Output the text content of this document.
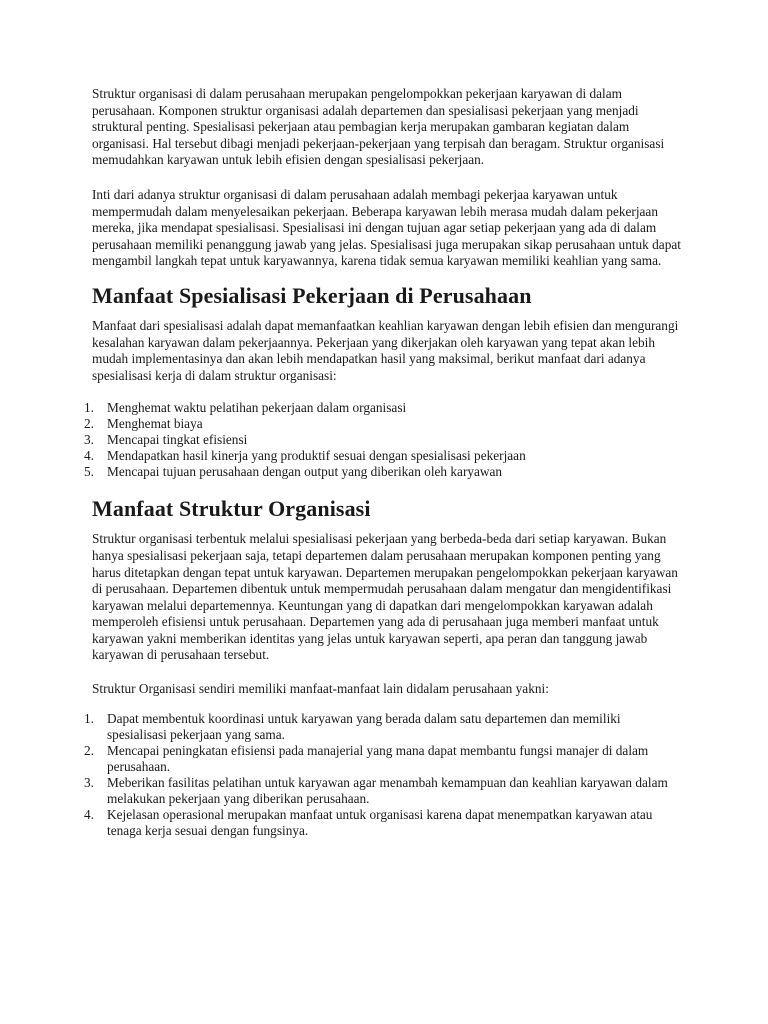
Struktur organisasi di dalam perusahaan merupakan pengelompokkan pekerjaan karyawan di dalam perusahaan. Komponen struktur organisasi adalah departemen dan spesialisasi pekerjaan yang menjadi struktural penting. Spesialisasi pekerjaan atau pembagian kerja merupakan gambaran kegiatan dalam organisasi. Hal tersebut dibagi menjadi pekerjaan-pekerjaan yang terpisah dan beragam. Struktur organisasi memudahkan karyawan untuk lebih efisien dengan spesialisasi pekerjaan.

Inti dari adanya struktur organisasi di dalam perusahaan adalah membagi pekerjaa karyawan untuk mempermudah dalam menyelesaikan pekerjaan. Beberapa karyawan lebih merasa mudah dalam pekerjaan mereka, jika mendapat spesialisasi. Spesialisasi ini dengan tujuan agar setiap pekerjaan yang ada di dalam perusahaan memiliki penanggung jawab yang jelas. Spesialisasi juga merupakan sikap perusahaan untuk dapat mengambil langkah tepat untuk karyawannya, karena tidak semua karyawan memiliki keahlian yang sama.

Manfaat Spesialisasi Pekerjaan di Perusahaan

Manfaat dari spesialisasi adalah dapat memanfaatkan keahlian karyawan dengan lebih efisien dan mengurangi kesalahan karyawan dalam pekerjaannya. Pekerjaan yang dikerjakan oleh karyawan yang tepat akan lebih mudah implementasinya dan akan lebih mendapatkan hasil yang maksimal, berikut manfaat dari adanya spesialisasi kerja di dalam struktur organisasi:

1. Menghemat waktu pelatihan pekerjaan dalam organisasi
2. Menghemat biaya
3. Mencapai tingkat efisiensi
4. Mendapatkan hasil kinerja yang produktif sesuai dengan spesialisasi pekerjaan
5. Mencapai tujuan perusahaan dengan output yang diberikan oleh karyawan
Manfaat Struktur Organisasi

Struktur organisasi terbentuk melalui spesialisasi pekerjaan yang berbeda-beda dari setiap karyawan. Bukan hanya spesialisasi pekerjaan saja, tetapi departemen dalam perusahaan merupakan komponen penting yang harus ditetapkan dengan tepat untuk karyawan. Departemen merupakan pengelompokkan pekerjaan karyawan di perusahaan. Departemen dibentuk untuk mempermudah perusahaan dalam mengatur dan mengidentifikasi karyawan melalui departemennya. Keuntungan yang di dapatkan dari mengelompokkan karyawan adalah memperoleh efisiensi untuk perusahaan. Departemen yang ada di perusahaan juga memberi manfaat untuk karyawan yakni memberikan identitas yang jelas untuk karyawan seperti, apa peran dan tanggung jawab karyawan di perusahaan tersebut.

Struktur Organisasi sendiri memiliki manfaat-manfaat lain didalam perusahaan yakni:

1. Dapat membentuk koordinasi untuk karyawan yang berada dalam satu departemen dan memiliki spesialisasi pekerjaan yang sama.
2. Mencapai peningkatan efisiensi pada manajerial yang mana dapat membantu fungsi manajer di dalam perusahaan.
3. Meberikan fasilitas pelatihan untuk karyawan agar menambah kemampuan dan keahlian karyawan dalam melakukan pekerjaan yang diberikan perusahaan.
4. Kejelasan operasional merupakan manfaat untuk organisasi karena dapat menempatkan karyawan atau tenaga kerja sesuai dengan fungsinya.
